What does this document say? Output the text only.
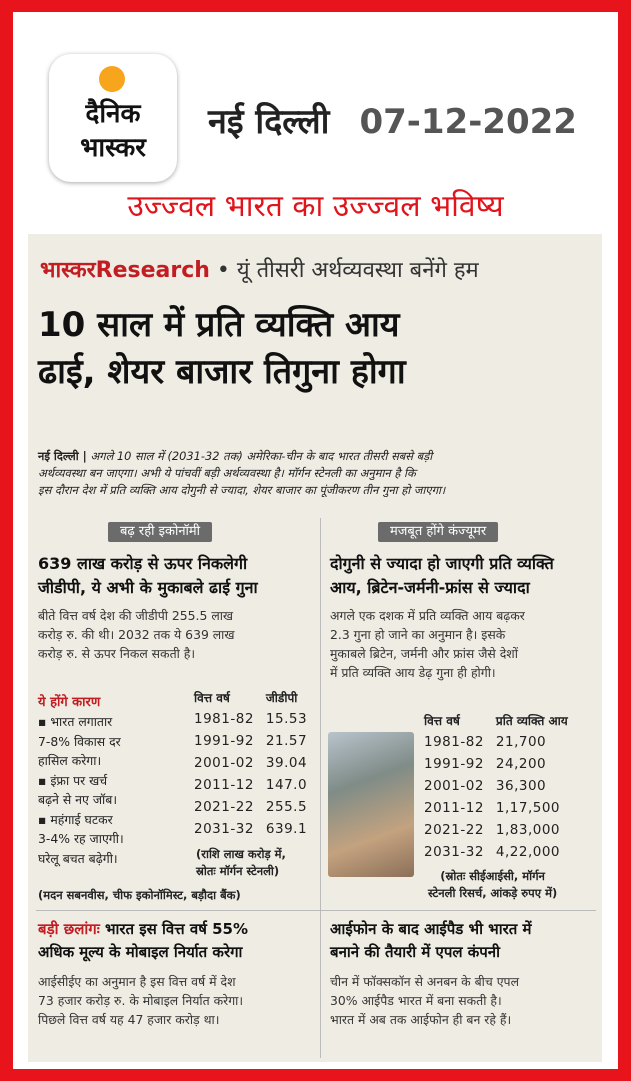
दैनिक
भास्कर
नई दिल्ली 07-12-2022
उज्ज्वल भारत का उज्ज्वल भविष्य
भास्करResearch • यूं तीसरी अर्थव्यवस्था बनेंगे हम
10 साल में प्रति व्यक्ति आय
ढाई, शेयर बाजार तिगुना होगा
नई दिल्ली | अगले 10 साल में (2031-32 तक) अमेरिका-चीन के बाद भारत तीसरी सबसे बड़ी
अर्थव्यवस्था बन जाएगा। अभी ये पांचवीं बड़ी अर्थव्यवस्था है। मॉर्गन स्टेनली का अनुमान है कि
इस दौरान देश में प्रति व्यक्ति आय दोगुनी से ज्यादा, शेयर बाजार का पूंजीकरण तीन गुना हो जाएगा।
बढ़ रही इकोनॉमी
639 लाख करोड़ से ऊपर निकलेगी
जीडीपी, ये अभी के मुकाबले ढाई गुना
बीते वित्त वर्ष देश की जीडीपी 255.5 लाख
करोड़ रु. की थी। 2032 तक ये 639 लाख
करोड़ रु. से ऊपर निकल सकती है।
ये होंगे कारण
▪ भारत लगातार
7-8% विकास दर
हासिल करेगा।
▪ इंफ्रा पर खर्च
बढ़ने से नए जॉब।
▪ महंगाई घटकर
3-4% रह जाएगी।
घरेलू बचत बढ़ेगी।
वित्त वर्ष	जीडीपी
1981-82	15.53
1991-92	21.57
2001-02	39.04
2011-12	147.0
2021-22	255.5
2031-32	639.1
(राशि लाख करोड़ में,
स्रोतः मॉर्गन स्टेनली)
(मदन सबनवीस, चीफ इकोनॉमिस्ट, बड़ौदा बैंक)
मजबूत होंगे कंज्यूमर
दोगुनी से ज्यादा हो जाएगी प्रति व्यक्ति
आय, ब्रिटेन-जर्मनी-फ्रांस से ज्यादा
अगले एक दशक में प्रति व्यक्ति आय बढ़कर
2.3 गुना हो जाने का अनुमान है। इसके
मुकाबले ब्रिटेन, जर्मनी और फ्रांस जैसे देशों
में प्रति व्यक्ति आय डेढ़ गुना ही होगी।
वित्त वर्ष	प्रति व्यक्ति आय
1981-82	21,700
1991-92	24,200
2001-02	36,300
2011-12	1,17,500
2021-22	1,83,000
2031-32	4,22,000
(स्रोतः सीईआईसी, मॉर्गन
स्टेनली रिसर्च, आंकड़े रुपए में)
बड़ी छलांगः भारत इस वित्त वर्ष 55%
अधिक मूल्य के मोबाइल निर्यात करेगा
आईसीईए का अनुमान है इस वित्त वर्ष में देश
73 हजार करोड़ रु. के मोबाइल निर्यात करेगा।
पिछले वित्त वर्ष यह 47 हजार करोड़ था।
आईफोन के बाद आईपैड भी भारत में
बनाने की तैयारी में एपल कंपनी
चीन में फॉक्सकॉन से अनबन के बीच एपल
30% आईपैड भारत में बना सकती है।
भारत में अब तक आईफोन ही बन रहे हैं।
